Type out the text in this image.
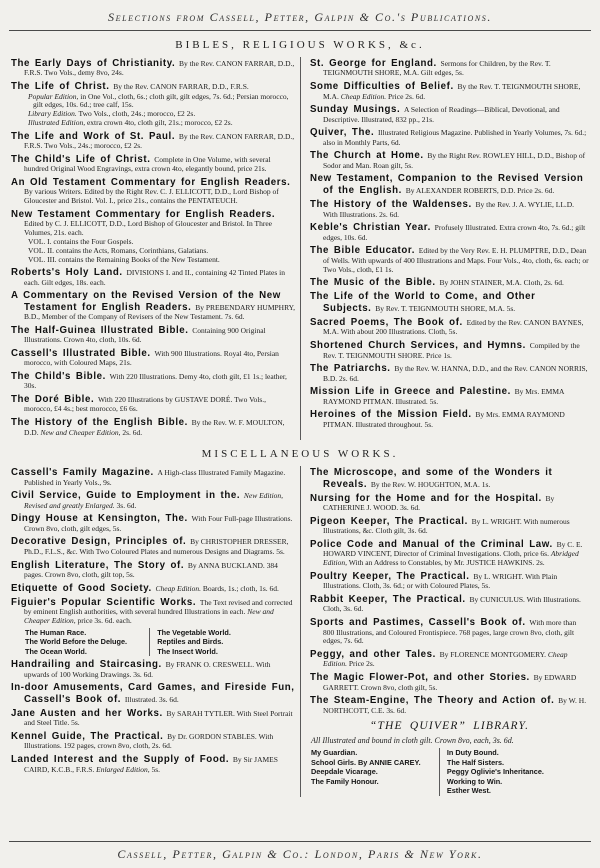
Selections from Cassell, Petter, Galpin & Co.'s Publications.
BIBLES, RELIGIOUS WORKS, &c.
The Early Days of Christianity.  By the Rev. CANON FARRAR, D.D., F.R.S. Two Vols., demy 8vo, 24s.
The Life of Christ.  By the Rev. CANON FARRAR, D.D., F.R.S.
Popular Edition, in One Vol., cloth, 6s.; cloth gilt, gilt edges, 7s. 6d.; Persian morocco, gilt edges, 10s. 6d.; tree calf, 15s.
Library Edition. Two Vols., cloth, 24s.; morocco, £2 2s.
Illustrated Edition, extra crown 4to, cloth gilt, 21s.; morocco, £2 2s.
The Life and Work of St. Paul.  By the Rev. CANON FARRAR, D.D., F.R.S. Two Vols., 24s.; morocco, £2 2s.
The Child's Life of Christ.  Complete in One Volume, with several hundred Original Wood Engravings, extra crown 4to, elegantly bound, price 21s.
An Old Testament Commentary for English Readers. By various Writers. Edited by the Right Rev. C. J. ELLICOTT, D.D., Lord Bishop of Gloucester and Bristol. Vol. I., price 21s., contains the PENTATEUCH.
New Testament Commentary for English Readers. Edited by C. J. ELLICOTT, D.D., Lord Bishop of Gloucester and Bristol. In Three Volumes, 21s. each.
VOL. I. contains the Four Gospels.
VOL. II. contains the Acts, Romans, Corinthians, Galatians.
VOL. III. contains the Remaining Books of the New Testament.
Roberts's Holy Land.  DIVISIONS I. and II., containing 42 Tinted Plates in each. Gilt edges, 18s. each.
A Commentary on the Revised Version of the New Testament for English Readers.  By PREBENDARY HUMPHRY, B.D., Member of the Company of Revisers of the New Testament. 7s. 6d.
The Half-Guinea Illustrated Bible.  Containing 900 Original Illustrations. Crown 4to, cloth, 10s. 6d.
Cassell's Illustrated Bible.  With 900 Illustrations. Royal 4to, Persian morocco, with Coloured Maps, 21s.
The Child's Bible.  With 220 Illustrations. Demy 4to, cloth gilt, £1 1s.; leather, 30s.
The Doré Bible.  With 220 Illustrations by GUSTAVE DORÉ. Two Vols., morocco, £4 4s.; best morocco, £6 6s.
The History of the English Bible.  By the Rev. W. F. MOULTON, D.D. New and Cheaper Edition, 2s. 6d.
St. George for England.  Sermons for Children, by the Rev. T. TEIGNMOUTH SHORE, M.A. Gilt edges, 5s.
Some Difficulties of Belief.  By the Rev. T. TEIGNMOUTH SHORE, M.A. Cheap Edition. Price 2s. 6d.
Sunday Musings.  A Selection of Readings—Biblical, Devotional, and Descriptive. Illustrated, 832 pp., 21s.
Quiver, The.  Illustrated Religious Magazine. Published in Yearly Volumes, 7s. 6d.; also in Monthly Parts, 6d.
The Church at Home.  By the Right Rev. ROWLEY HILL, D.D., Bishop of Sodor and Man. Roan gilt, 5s.
New Testament, Companion to the Revised Version of the English.  By ALEXANDER ROBERTS, D.D. Price 2s. 6d.
The History of the Waldenses.  By the Rev. J. A. WYLIE, LL.D. With Illustrations. 2s. 6d.
Keble's Christian Year.  Profusely Illustrated. Extra crown 4to, 7s. 6d.; gilt edges, 10s. 6d.
The Bible Educator.  Edited by the Very Rev. E. H. PLUMPTRE, D.D., Dean of Wells. With upwards of 400 Illustrations and Maps. Four Vols., 4to, cloth, 6s. each; or Two Vols., cloth, £1 1s.
The Music of the Bible.  By JOHN STAINER, M.A. Cloth, 2s. 6d.
The Life of the World to Come, and Other Subjects.  By Rev. T. TEIGNMOUTH SHORE, M.A. 5s.
Sacred Poems, The Book of.  Edited by the Rev. CANON BAYNES, M.A. With about 200 Illustrations. Cloth, 5s.
Shortened Church Services, and Hymns.  Compiled by the Rev. T. TEIGNMOUTH SHORE. Price 1s.
The Patriarchs.  By the Rev. W. HANNA, D.D., and the Rev. CANON NORRIS, B.D. 2s. 6d.
Mission Life in Greece and Palestine.  By Mrs. EMMA RAYMOND PITMAN. Illustrated. 5s.
Heroines of the Mission Field.  By Mrs. EMMA RAYMOND PITMAN. Illustrated throughout. 5s.
MISCELLANEOUS WORKS.
Cassell's Family Magazine.  A High-class Illustrated Family Magazine. Published in Yearly Vols., 9s.
Civil Service, Guide to Employment in the.  New Edition, Revised and greatly Enlarged. 3s. 6d.
Dingy House at Kensington, The.  With Four Full-page Illustrations. Crown 8vo, cloth, gilt edges, 5s.
Decorative Design, Principles of.  By CHRISTOPHER DRESSER, Ph.D., F.L.S., &c. With Two Coloured Plates and numerous Designs and Diagrams. 5s.
English Literature, The Story of.  By ANNA BUCKLAND. 384 pages. Crown 8vo, cloth, gilt top, 5s.
Etiquette of Good Society.  Cheap Edition. Boards, 1s.; cloth, 1s. 6d.
Figuier's Popular Scientific Works.  The Text revised and corrected by eminent English authorities, with several hundred Illustrations in each. New and Cheaper Edition, price 3s. 6d. each.
The Human Race.
The World Before the Deluge.
The Ocean World.
The Vegetable World.
Reptiles and Birds.
The Insect World.
Handrailing and Staircasing.  By FRANK O. CRESWELL. With upwards of 100 Working Drawings. 3s. 6d.
In-door Amusements, Card Games, and Fireside Fun, Cassell's Book of.  Illustrated. 3s. 6d.
Jane Austen and her Works.  By SARAH TYTLER. With Steel Portrait and Steel Title. 5s.
Kennel Guide, The Practical.  By Dr. GORDON STABLES. With Illustrations. 192 pages, crown 8vo, cloth, 2s. 6d.
Landed Interest and the Supply of Food.  By Sir JAMES CAIRD, K.C.B., F.R.S. Enlarged Edition, 5s.
The Microscope, and some of the Wonders it Reveals.  By the Rev. W. HOUGHTON, M.A. 1s.
Nursing for the Home and for the Hospital.  By CATHERINE J. WOOD. 3s. 6d.
Pigeon Keeper, The Practical.  By L. WRIGHT. With numerous Illustrations, &c. Cloth gilt, 3s. 6d.
Police Code and Manual of the Criminal Law.  By C. E. HOWARD VINCENT, Director of Criminal Investigations. Cloth, price 6s. Abridged Edition, With an Address to Constables, by Mr. JUSTICE HAWKINS. 2s.
Poultry Keeper, The Practical.  By L. WRIGHT. With Plain Illustrations. Cloth, 3s. 6d.; or with Coloured Plates, 5s.
Rabbit Keeper, The Practical.  By CUNICULUS. With Illustrations. Cloth, 3s. 6d.
Sports and Pastimes, Cassell's Book of.  With more than 800 Illustrations, and Coloured Frontispiece. 768 pages, large crown 8vo, cloth, gilt edges, 7s. 6d.
Peggy, and other Tales.  By FLORENCE MONTGOMERY. Cheap Edition. Price 2s.
The Magic Flower-Pot, and other Stories.  By EDWARD GARRETT. Crown 8vo, cloth gilt, 5s.
The Steam-Engine, The Theory and Action of.  By W. H. NORTHCOTT, C.E. 3s. 6d.
“THE QUIVER” LIBRARY.
All Illustrated and bound in cloth gilt. Crown 8vo, each, 3s. 6d.
My Guardian.
School Girls. By ANNIE CAREY.
Deepdale Vicarage.
The Family Honour.
In Duty Bound.
The Half Sisters.
Peggy Oglivie's Inheritance.
Working to Win.
Esther West.
Cassell, Petter, Galpin & Co.: London, Paris & New York.
